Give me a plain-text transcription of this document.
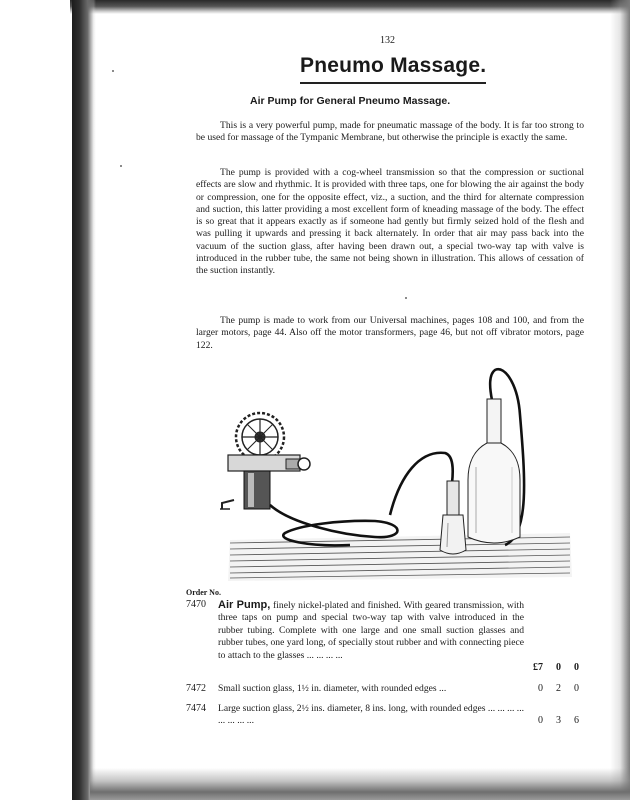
132
Pneumo Massage.
Air Pump for General Pneumo Massage.

This is a very powerful pump, made for pneumatic massage of the body. It is far too strong to be used for massage of the Tympanic Membrane, but otherwise the principle is exactly the same.

The pump is provided with a cog-wheel transmission so that the compression or suctional effects are slow and rhythmic. It is provided with three taps, one for blowing the air against the body or compression, one for the opposite effect, viz., a suction, and the third for alternate compression and suction, this latter providing a most excellent form of kneading massage of the body. The effect is so great that it appears exactly as if someone had gently but firmly seized hold of the flesh and was pulling it upwards and pressing it back alternately. In order that air may pass back into the vacuum of the suction glass, after having been drawn out, a special two-way tap with valve is introduced in the rubber tube, the same not being shown in illustration. This allows of cessation of the suction instantly.

The pump is made to work from our Universal machines, pages 108 and 100, and from the larger motors, page 44. Also off the motor transformers, page 46, but not off vibrator motors, page 122.

Order No.
7470 Air Pump, finely nickel-plated and finished. With geared transmission, with three taps on pump and special two-way tap with valve introduced in the rubber tubing. Complete with one large and one small suction glasses and rubber tubes, one yard long, of specially stout rubber and with connecting piece to attach to the glasses ... ... ... ...

£7 0 0
7472 Small suction glass, 1½ in. diameter, with rounded edges ...	0 2 0
7474 Large suction glass, 2½ ins. diameter, 8 ins. long, with rounded edges ... ... ... ... ... ... ... ...	0 3 6
